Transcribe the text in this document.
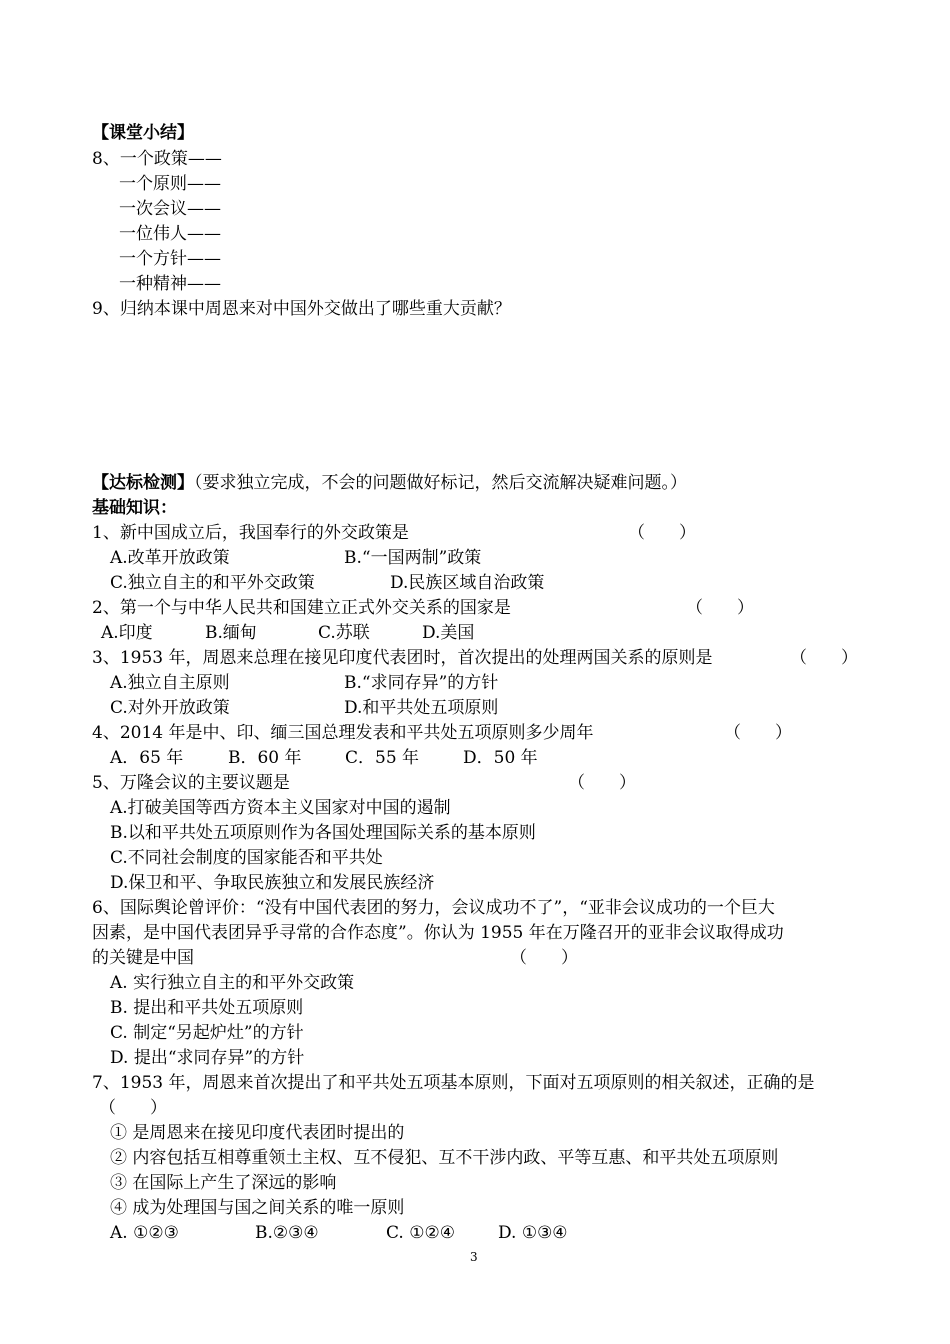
【课堂小结】
8、一个政策——
一个原则——
一次会议——
一位伟人——
一个方针——
一种精神——
9、归纳本课中周恩来对中国外交做出了哪些重大贡献？
【达标检测】（要求独立完成，不会的问题做好标记，然后交流解决疑难问题。）
基础知识：
1、新中国成立后，我国奉行的外交政策是	（　　）
A.改革开放政策	B.“一国两制”政策
C.独立自主的和平外交政策	D.民族区域自治政策
2、第一个与中华人民共和国建立正式外交关系的国家是	（　　）
A.印度	B.缅甸	C.苏联	D.美国
3、1953 年，周恩来总理在接见印度代表团时，首次提出的处理两国关系的原则是	（　　）
A.独立自主原则	B.“求同存异”的方针
C.对外开放政策	D.和平共处五项原则
4、2014 年是中、印、缅三国总理发表和平共处五项原则多少周年	（　　）
A．65 年	B．60 年	C．55 年	D．50 年
5、万隆会议的主要议题是	（　　）
A.打破美国等西方资本主义国家对中国的遏制
B.以和平共处五项原则作为各国处理国际关系的基本原则
C.不同社会制度的国家能否和平共处
D.保卫和平、争取民族独立和发展民族经济
6、国际舆论曾评价：“没有中国代表团的努力，会议成功不了”，“亚非会议成功的一个巨大
因素，是中国代表团异乎寻常的合作态度”。你认为 1955 年在万隆召开的亚非会议取得成功
的关键是中国	（　　）
A. 实行独立自主的和平外交政策
B. 提出和平共处五项原则
C. 制定“另起炉灶”的方针
D. 提出“求同存异”的方针
7、1953 年，周恩来首次提出了和平共处五项基本原则，下面对五项原则的相关叙述，正确的是
（　　）
① 是周恩来在接见印度代表团时提出的
② 内容包括互相尊重领土主权、互不侵犯、互不干涉内政、平等互惠、和平共处五项原则
③ 在国际上产生了深远的影响
④ 成为处理国与国之间关系的唯一原则
A. ①②③	B.②③④	C. ①②④	D. ①③④
3
